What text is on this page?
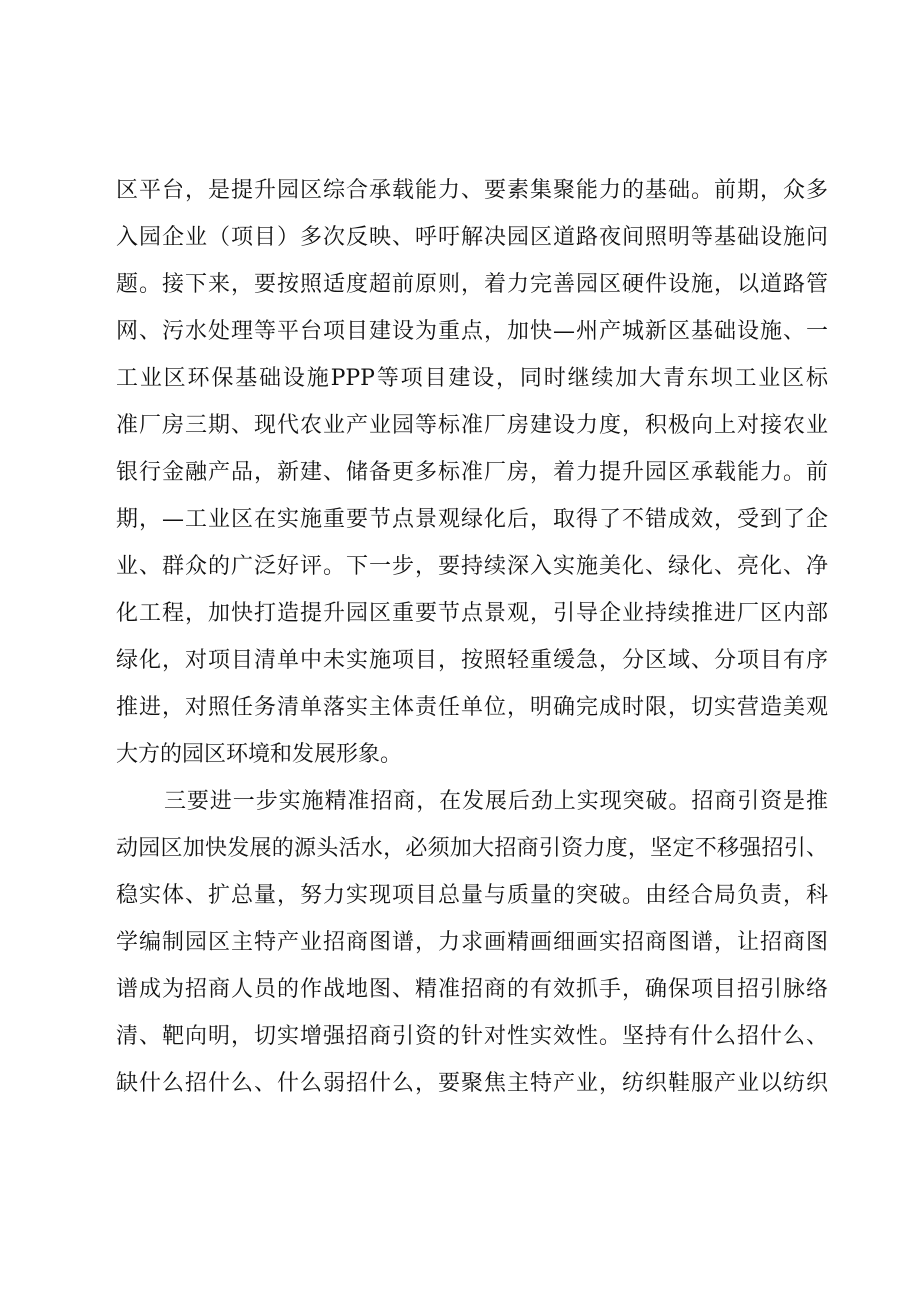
区平台，是提升园区综合承载能力、要素集聚能力的基础。前期，众多
入园企业（项目）多次反映、呼吁解决园区道路夜间照明等基础设施问
题。接下来，要按照适度超前原则，着力完善园区硬件设施，以道路管
网、污水处理等平台项目建设为重点，加快—州产城新区基础设施、一
工业区环保基础设施PPP等项目建设，同时继续加大青东坝工业区标
准厂房三期、现代农业产业园等标准厂房建设力度，积极向上对接农业
银行金融产品，新建、储备更多标准厂房，着力提升园区承载能力。前
期，—工业区在实施重要节点景观绿化后，取得了不错成效，受到了企
业、群众的广泛好评。下一步，要持续深入实施美化、绿化、亮化、净
化工程，加快打造提升园区重要节点景观，引导企业持续推进厂区内部
绿化，对项目清单中未实施项目，按照轻重缓急，分区域、分项目有序
推进，对照任务清单落实主体责任单位，明确完成时限，切实营造美观
大方的园区环境和发展形象。
三要进一步实施精准招商，在发展后劲上实现突破。招商引资是推
动园区加快发展的源头活水，必须加大招商引资力度，坚定不移强招引、
稳实体、扩总量，努力实现项目总量与质量的突破。由经合局负责，科
学编制园区主特产业招商图谱，力求画精画细画实招商图谱，让招商图
谱成为招商人员的作战地图、精准招商的有效抓手，确保项目招引脉络
清、靶向明，切实增强招商引资的针对性实效性。坚持有什么招什么、
缺什么招什么、什么弱招什么，要聚焦主特产业，纺织鞋服产业以纺织
